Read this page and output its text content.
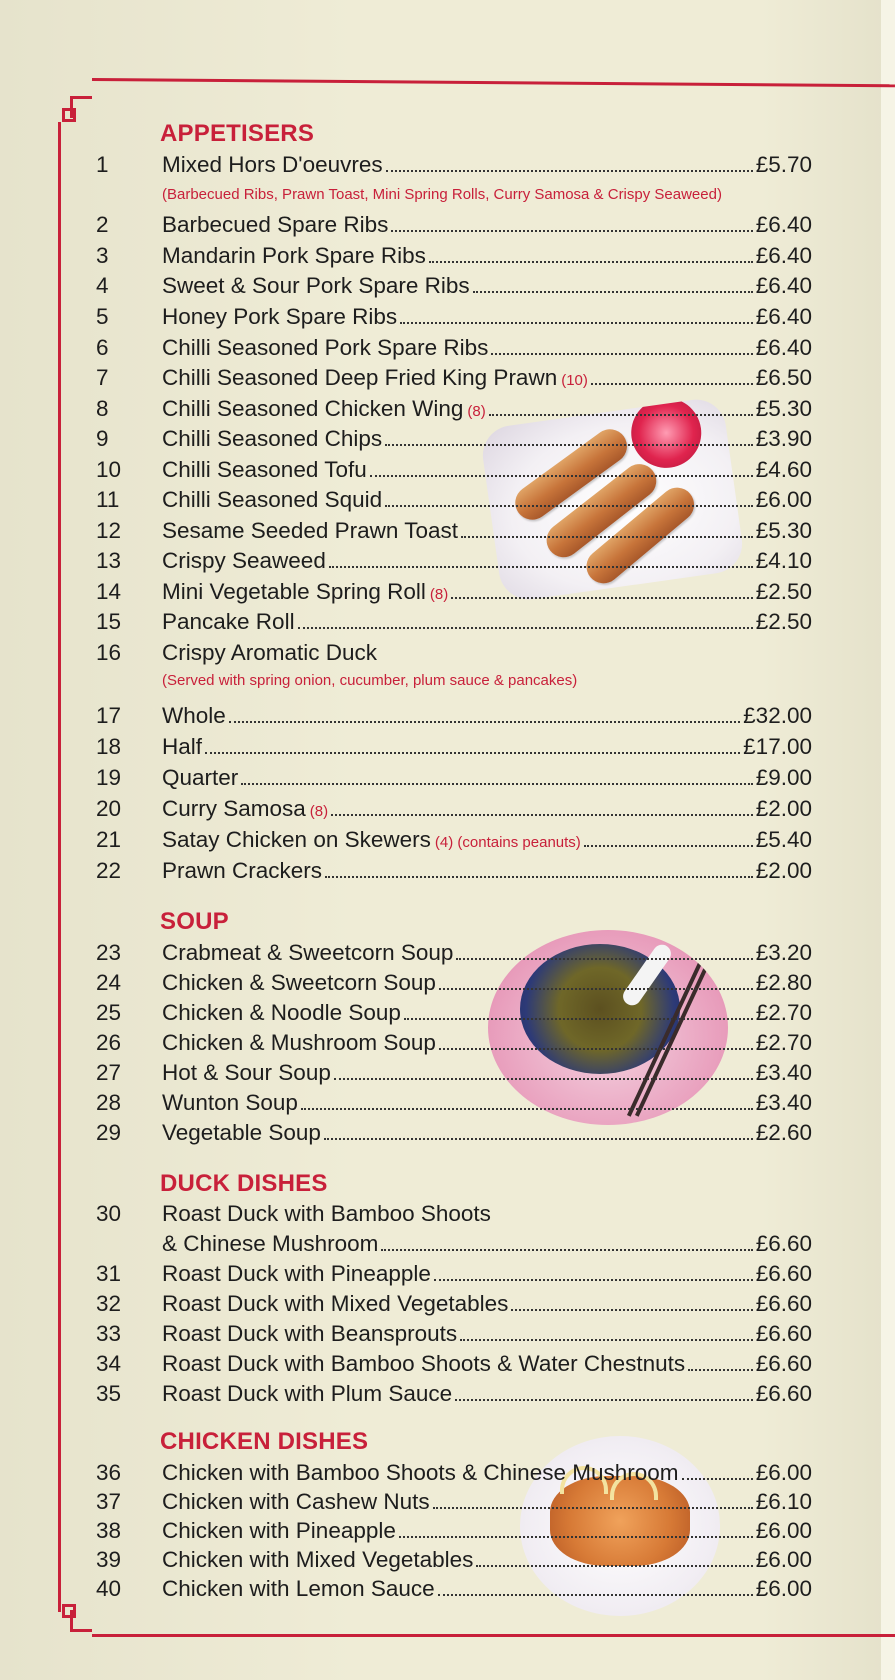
APPETISERS
1	Mixed Hors D'oeuvres	£5.70
(Barbecued Ribs, Prawn Toast, Mini Spring Rolls, Curry Samosa & Crispy Seaweed)
2	Barbecued Spare Ribs	£6.40
3	Mandarin Pork Spare Ribs	£6.40
4	Sweet & Sour Pork Spare Ribs	£6.40
5	Honey Pork Spare Ribs	£6.40
6	Chilli Seasoned Pork Spare Ribs	£6.40
7	Chilli Seasoned Deep Fried King Prawn (10)	£6.50
8	Chilli Seasoned Chicken Wing (8)	£5.30
9	Chilli Seasoned Chips	£3.90
10	Chilli Seasoned Tofu	£4.60
11	Chilli Seasoned Squid	£6.00
12	Sesame Seeded Prawn Toast	£5.30
13	Crispy Seaweed	£4.10
14	Mini Vegetable Spring Roll (8)	£2.50
15	Pancake Roll	£2.50
16	Crispy Aromatic Duck
(Served with spring onion, cucumber, plum sauce & pancakes)
17	Whole	£32.00
18	Half	£17.00
19	Quarter	£9.00
20	Curry Samosa (8)	£2.00
21	Satay Chicken on Skewers (4) (contains peanuts)	£5.40
22	Prawn Crackers	£2.00
SOUP
23	Crabmeat & Sweetcorn Soup	£3.20
24	Chicken & Sweetcorn Soup	£2.80
25	Chicken & Noodle Soup	£2.70
26	Chicken & Mushroom Soup	£2.70
27	Hot & Sour Soup	£3.40
28	Wunton Soup	£3.40
29	Vegetable Soup	£2.60
DUCK DISHES
30	Roast Duck with Bamboo Shoots
& Chinese Mushroom	£6.60
31	Roast Duck with Pineapple	£6.60
32	Roast Duck with Mixed Vegetables	£6.60
33	Roast Duck with Beansprouts	£6.60
34	Roast Duck with Bamboo Shoots & Water Chestnuts	£6.60
35	Roast Duck with Plum Sauce	£6.60
CHICKEN DISHES
36	Chicken with Bamboo Shoots & Chinese Mushroom	£6.00
37	Chicken with Cashew Nuts	£6.10
38	Chicken with Pineapple	£6.00
39	Chicken with Mixed Vegetables	£6.00
40	Chicken with Lemon Sauce	£6.00
